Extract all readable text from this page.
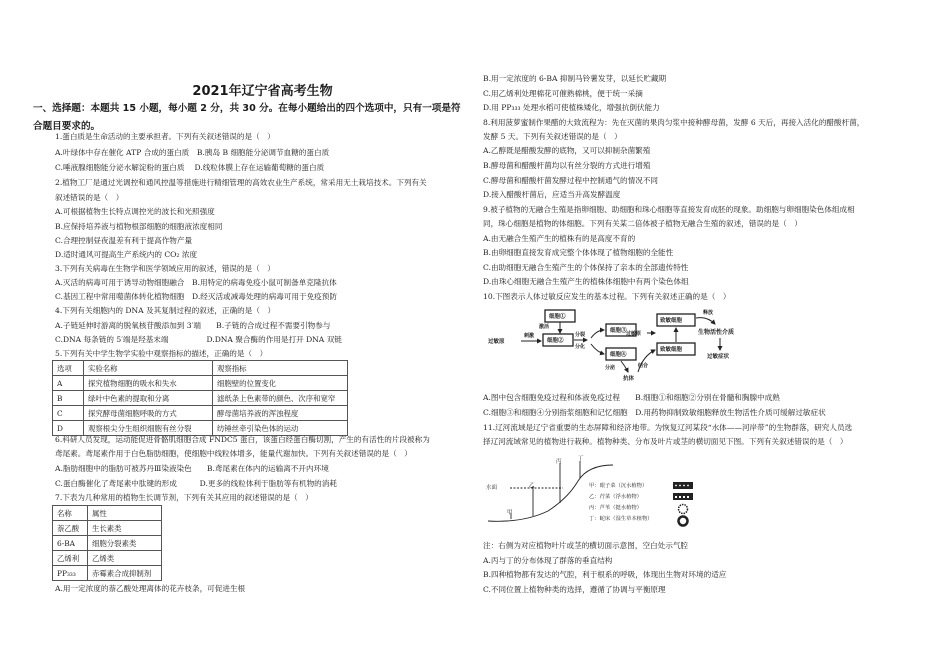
2021年辽宁省高考生物
一、选择题：本题共 15 小题，每小题 2 分，共 30 分。在每小题给出的四个选项中，只有一项是符
合题目要求的。
1.蛋白质是生命活动的主要承担者。下列有关叙述错误的是（　）
A.叶绿体中存在催化 ATP 合成的蛋白质　B.胰岛 B 细胞能分泌调节血糖的蛋白质
C.唾液腺细胞能分泌水解淀粉的蛋白质　 D.线粒体膜上存在运输葡萄糖的蛋白质
2.植物工厂是通过光调控和通风控温等措施进行精细管理的高效农业生产系统，常采用无土栽培技术。下列有关
叙述错误的是（　）
A.可根据植物生长特点调控光的波长和光照强度
B.应保持培养液与植物根部细胞的细胞液浓度相同
C.合理控制昼夜温差有利于提高作物产量
D.适时通风可提高生产系统内的 CO₂ 浓度
3.下列有关病毒在生物学和医学领域应用的叙述，错误的是（　）
A.灭活的病毒可用于诱导动物细胞融合　B.用特定的病毒免疫小鼠可制备单克隆抗体
C.基因工程中常用噬菌体转化植物细胞　D.经灭活或减毒处理的病毒可用于免疫预防
4.下列有关细胞内的 DNA 及其复制过程的叙述，正确的是（　）
A.子链延伸时游离的脱氧核苷酸添加到 3′端　　B.子链的合成过程不需要引物参与
C.DNA 每条链的 5′端是羟基末端　　　　　D.DNA 聚合酶的作用是打开 DNA 双链
5.下列有关中学生物学实验中观察指标的描述，正确的是（　）
选项	实验名称	观察指标
A	探究植物细胞的吸水和失水	细胞壁的位置变化
B	绿叶中色素的提取和分离	滤纸条上色素带的颜色、次序和宽窄
C	探究酵母菌细胞呼吸的方式	酵母菌培养液的浑浊程度
D	观察根尖分生组织细胞有丝分裂	纺锤丝牵引染色体的运动
6.科研人员发现，运动能促进骨骼肌细胞合成 FNDC5 蛋白，该蛋白经蛋白酶切割，产生的有活性的片段被称为
鸢尾素。鸢尾素作用于白色脂肪细胞，使细胞中线粒体增多，能量代谢加快。下列有关叙述错误的是（　）
A.脂肪细胞中的脂肪可被苏丹Ⅲ染液染色　　B.鸢尾素在体内的运输离不开内环境
C.蛋白酶催化了鸢尾素中肽键的形成　　　D.更多的线粒体利于脂肪等有机物的消耗
7.下表为几种常用的植物生长调节剂，下列有关其应用的叙述错误的是（　）
名称	属性
萘乙酸	生长素类
6-BA	细胞分裂素类
乙烯利	乙烯类
PP₃₃₃	赤霉素合成抑制剂
A.用一定浓度的萘乙酸处理离体的花卉枝条，可促进生根
B.用一定浓度的 6-BA 抑制马铃薯发芽，以延长贮藏期
C.用乙烯利处理棉花可催熟棉桃，便于统一采摘
D.用 PP₃₃₃ 处理水稻可使植株矮化，增强抗倒伏能力
8.利用菠萝蜜制作果醋的大致流程为：先在灭菌的果肉匀浆中接种酵母菌，发酵 6 天后，再接入活化的醋酸杆菌，
发酵 5 天。下列有关叙述错误的是（　）
A.乙醇既是醋酸发酵的底物，又可以抑制杂菌繁殖
B.酵母菌和醋酸杆菌均以有丝分裂的方式进行增殖
C.酵母菌和醋酸杆菌发酵过程中控制通气的情况不同
D.接入醋酸杆菌后，应适当升高发酵温度
9.被子植物的无融合生殖是指卵细胞、助细胞和珠心细胞等直接发育成胚的现象。助细胞与卵细胞染色体组成相
同，珠心细胞是植物的体细胞。下列有关某二倍体被子植物无融合生殖的叙述，错误的是（　）
A.由无融合生殖产生的植株有的是高度不育的
B.由卵细胞直接发育成完整个体体现了植物细胞的全能性
C.由助细胞无融合生殖产生的个体保持了亲本的全部遗传特性
D.由珠心细胞无融合生殖产生的植株体细胞中有两个染色体组
10.下图表示人体过敏反应发生的基本过程。下列有关叙述正确的是（　）
过敏原
刺激
激活
细胞①
细胞②
分裂
分化
细胞③
细胞④
分泌
抗体
结合
致敏细胞
致敏细胞
过敏原
释放
生物活性介质
过敏症状
A.图中包含细胞免疫过程和体液免疫过程　　B.细胞①和细胞②分别在骨髓和胸腺中成熟
C.细胞③和细胞④分别指浆细胞和记忆细胞　D.用药物抑制致敏细胞释放生物活性介质可缓解过敏症状
11.辽河流域是辽宁省重要的生态屏障和经济地带。为恢复辽河某段“水体——河岸带”的生物群落，研究人员选
择辽河流域常见的植物进行栽种。植物种类、分布及叶片或茎的横切面见下图。下列有关叙述错误的是（　）
水面
甲
乙
丙	丁
甲：眼子菜（沉水植物）
乙：荇菜（浮水植物）
丙：芦苇（挺水植物）
丁：蛇床（湿生草本植物）
注：右侧为对应植物叶片或茎的横切面示意图，空白处示气腔
A.丙与丁的分布体现了群落的垂直结构
B.四种植物都有发达的气腔，利于根系的呼吸，体现出生物对环境的适应
C.不同位置上植物种类的选择，遵循了协调与平衡原理
